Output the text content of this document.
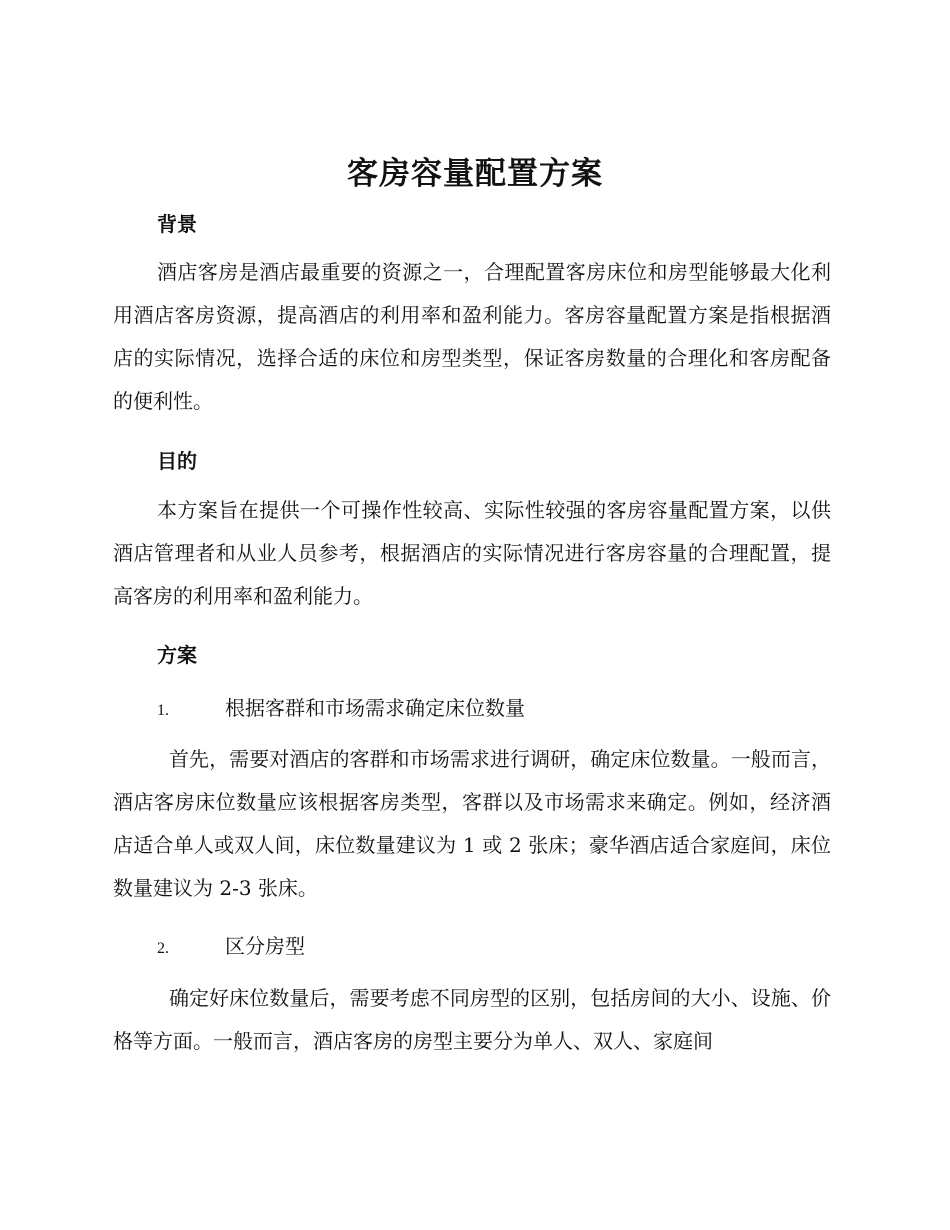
客房容量配置方案
背景

酒店客房是酒店最重要的资源之一，合理配置客房床位和房型能够最大化利用酒店客房资源，提高酒店的利用率和盈利能力。客房容量配置方案是指根据酒店的实际情况，选择合适的床位和房型类型，保证客房数量的合理化和客房配备的便利性。

目的

本方案旨在提供一个可操作性较高、实际性较强的客房容量配置方案，以供酒店管理者和从业人员参考，根据酒店的实际情况进行客房容量的合理配置，提高客房的利用率和盈利能力。

方案
1.	根据客群和市场需求确定床位数量

首先，需要对酒店的客群和市场需求进行调研，确定床位数量。一般而言，酒店客房床位数量应该根据客房类型，客群以及市场需求来确定。例如，经济酒店适合单人或双人间，床位数量建议为 1 或 2 张床；豪华酒店适合家庭间，床位数量建议为 2-3 张床。

2.	区分房型

确定好床位数量后，需要考虑不同房型的区别，包括房间的大小、设施、价格等方面。一般而言，酒店客房的房型主要分为单人、双人、家庭间
